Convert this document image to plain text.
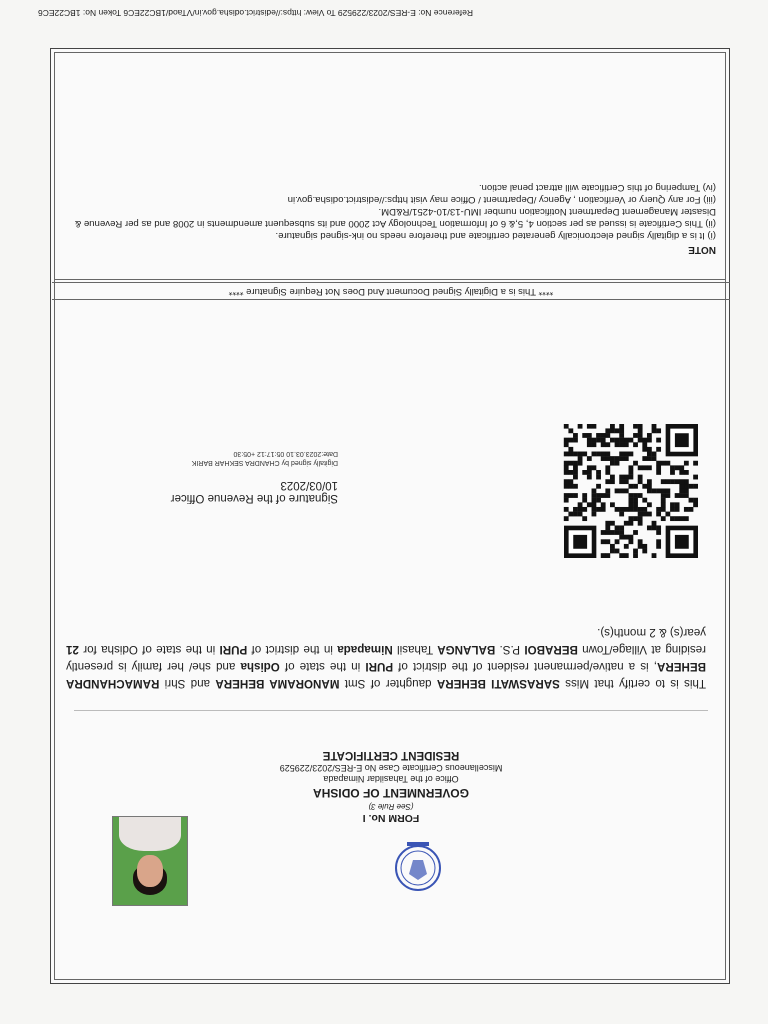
FORM No. I
(See Rule 3)
GOVERNMENT OF ODISHA
Office of the Tahasildar Nimapada
Miscellaneous Certificate Case No E-RES/2023/229529
RESIDENT CERTIFICATE
This is to certify that Miss SARASWATI BEHERA daughter of Smt MANORAMA BEHERA and Shri RAMACHANDRA BEHERA, is a native/permanent resident of the district of PURI in the state of Odisha and she/ her family is presently residing at Village/Town BERABOI P.S. BALANGA Tahasil Nimapada in the district of PURI in the state of Odisha for 21 year(s) & 2 month(s).
Signature of the Revenue Officer
10/03/2023
Digitally signed by CHANDRA SEKHAR BARIK
Date:2023.03.10 05:17:12 +05:30
**** This is a Digitally Signed Document And Does Not Require Signature ****
NOTE
(i) It is a digitally signed electronically generated certificate and therefore needs no ink-signed signature.
(ii) This Certificate is issued as per section 4, 5,& 6 of Information Technology Act 2000 and its subsequent amendments in 2008 and as per Revenue & Disaster Management Department Notification number IMU-13/10-4251/R&DM.
(iii) For any Query or Verification , Agency /Department / Office may visit https://edistrict.odisha.gov.in
(iv) Tampering of this Certificate will attract penal action.
Reference No: E-RES/2023/229529 To View: https://edistrict.odisha.gov.in/VTaod/1BC22EC6 Token No: 1BC22EC6
